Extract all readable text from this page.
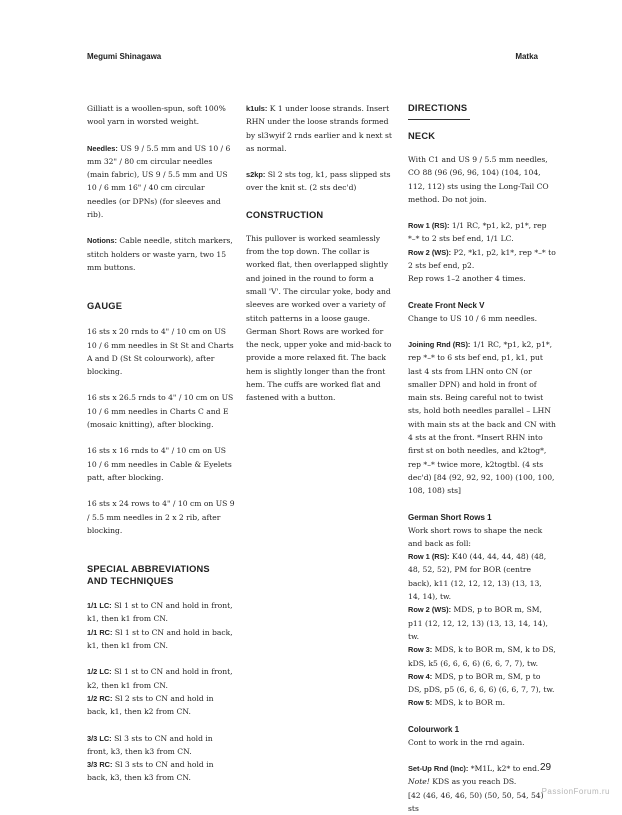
Megumi Shinagawa	Matka

Gilliatt is a woollen-spun, soft 100% wool yarn in worsted weight.

Needles: US 9 / 5.5 mm and US 10 / 6 mm 32" / 80 cm circular needles (main fabric), US 9 / 5.5 mm and US 10 / 6 mm 16" / 40 cm circular needles (or DPNs) (for sleeves and rib).

Notions: Cable needle, stitch markers, stitch holders or waste yarn, two 15 mm buttons.

GAUGE

16 sts x 20 rnds to 4" / 10 cm on US 10 / 6 mm needles in St St and Charts A and D (St St colourwork), after blocking.

16 sts x 26.5 rnds to 4" / 10 cm on US 10 / 6 mm needles in Charts C and E (mosaic knitting), after blocking.

16 sts x 16 rnds to 4" / 10 cm on US 10 / 6 mm needles in Cable & Eyelets patt, after blocking.

16 sts x 24 rows to 4" / 10 cm on US 9 / 5.5 mm needles in 2 x 2 rib, after blocking.

SPECIAL ABBREVIATIONS
AND TECHNIQUES

1/1 LC: Sl 1 st to CN and hold in front, k1, then k1 from CN.

1/1 RC: Sl 1 st to CN and hold in back, k1, then k1 from CN.

1/2 LC: Sl 1 st to CN and hold in front, k2, then k1 from CN.

1/2 RC: Sl 2 sts to CN and hold in back, k1, then k2 from CN.

3/3 LC: Sl 3 sts to CN and hold in front, k3, then k3 from CN.

3/3 RC: Sl 3 sts to CN and hold in back, k3, then k3 from CN.

k1uls: K 1 under loose strands. Insert RHN under the loose strands formed by sl3wyif 2 rnds earlier and k next st as normal.

s2kp: Sl 2 sts tog, k1, pass slipped sts over the knit st. (2 sts dec'd)

CONSTRUCTION

This pullover is worked seamlessly from the top down. The collar is worked flat, then overlapped slightly and joined in the round to form a small 'V'. The circular yoke, body and sleeves are worked over a variety of stitch patterns in a loose gauge. German Short Rows are worked for the neck, upper yoke and mid-back to provide a more relaxed fit. The back hem is slightly longer than the front hem. The cuffs are worked flat and fastened with a button.

DIRECTIONS
NECK

With C1 and US 9 / 5.5 mm needles, CO 88 (96 (96, 96, 104) (104, 104, 112, 112) sts using the Long-Tail CO method. Do not join.

Row 1 (RS): 1/1 RC, *p1, k2, p1*, rep *–* to 2 sts bef end, 1/1 LC.

Row 2 (WS): P2, *k1, p2, k1*, rep *–* to 2 sts bef end, p2.

Rep rows 1–2 another 4 times.

Create Front Neck V

Change to US 10 / 6 mm needles.

Joining Rnd (RS): 1/1 RC, *p1, k2, p1*, rep *–* to 6 sts bef end, p1, k1, put last 4 sts from LHN onto CN (or smaller DPN) and hold in front of main sts. Being careful not to twist sts, hold both needles parallel – LHN with main sts at the back and CN with 4 sts at the front. *Insert RHN into first st on both needles, and k2tog*, rep *–* twice more, k2togtbl. (4 sts dec'd) [84 (92, 92, 92, 100) (100, 100, 108, 108) sts]

German Short Rows 1

Work short rows to shape the neck and back as foll:

Row 1 (RS): K40 (44, 44, 44, 48) (48, 48, 52, 52), PM for BOR (centre back), k11 (12, 12, 12, 13) (13, 13, 14, 14), tw.

Row 2 (WS): MDS, p to BOR m, SM, p11 (12, 12, 12, 13) (13, 13, 14, 14), tw.

Row 3: MDS, k to BOR m, SM, k to DS, kDS, k5 (6, 6, 6, 6) (6, 6, 7, 7), tw.

Row 4: MDS, p to BOR m, SM, p to DS, pDS, p5 (6, 6, 6, 6) (6, 6, 7, 7), tw.

Row 5: MDS, k to BOR m.

Colourwork 1

Cont to work in the rnd again.

Set-Up Rnd (Inc): *M1L, k2* to end.

Note! KDS as you reach DS.

[42 (46, 46, 46, 50) (50, 50, 54, 54) sts

29
PassionForum.ru
